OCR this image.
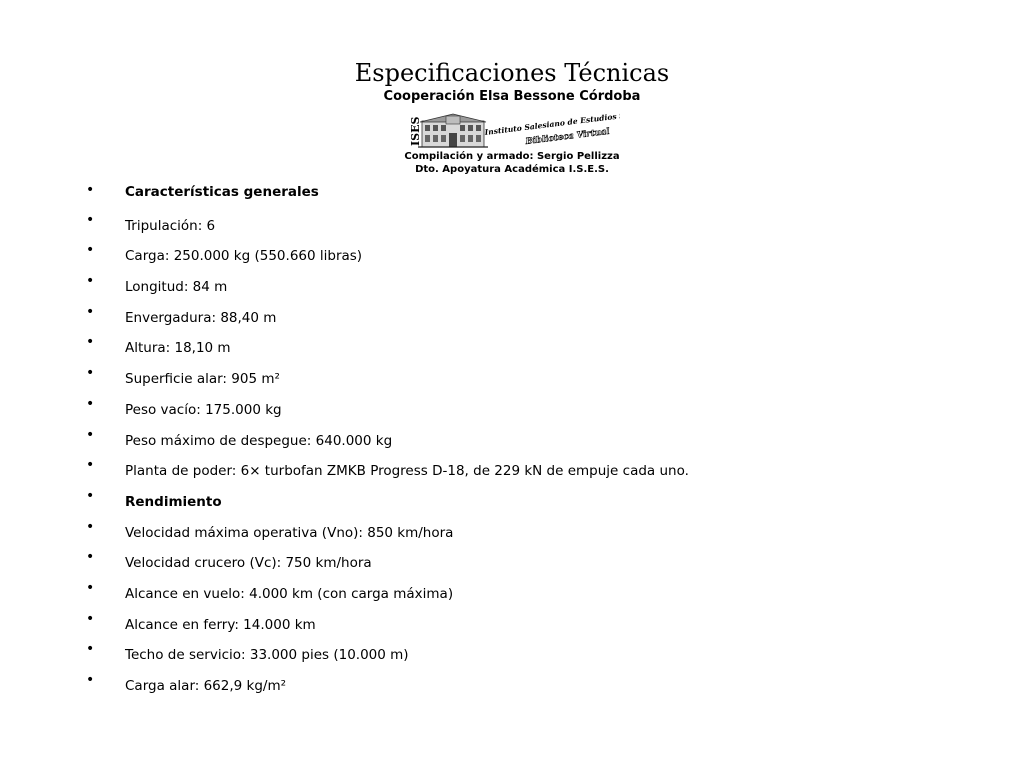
Especificaciones Técnicas
Cooperación Elsa Bessone Córdoba
ISES	Instituto Salesiano de Estudios
Biblioteca Virtual
Compilación y armado: Sergio Pellizza
Dto. Apoyatura Académica I.S.E.S.
• Características generales
• Tripulación: 6
• Carga: 250.000 kg (550.660 libras)
• Longitud: 84 m
• Envergadura: 88,40 m
• Altura: 18,10 m
• Superficie alar: 905 m²
• Peso vacío: 175.000 kg
• Peso máximo de despegue: 640.000 kg
• Planta de poder: 6× turbofan ZMKB Progress D-18, de 229 kN de empuje cada uno.
• Rendimiento
• Velocidad máxima operativa (Vno): 850 km/hora
• Velocidad crucero (Vc): 750 km/hora
• Alcance en vuelo: 4.000 km (con carga máxima)
• Alcance en ferry: 14.000 km
• Techo de servicio: 33.000 pies (10.000 m)
• Carga alar: 662,9 kg/m²
